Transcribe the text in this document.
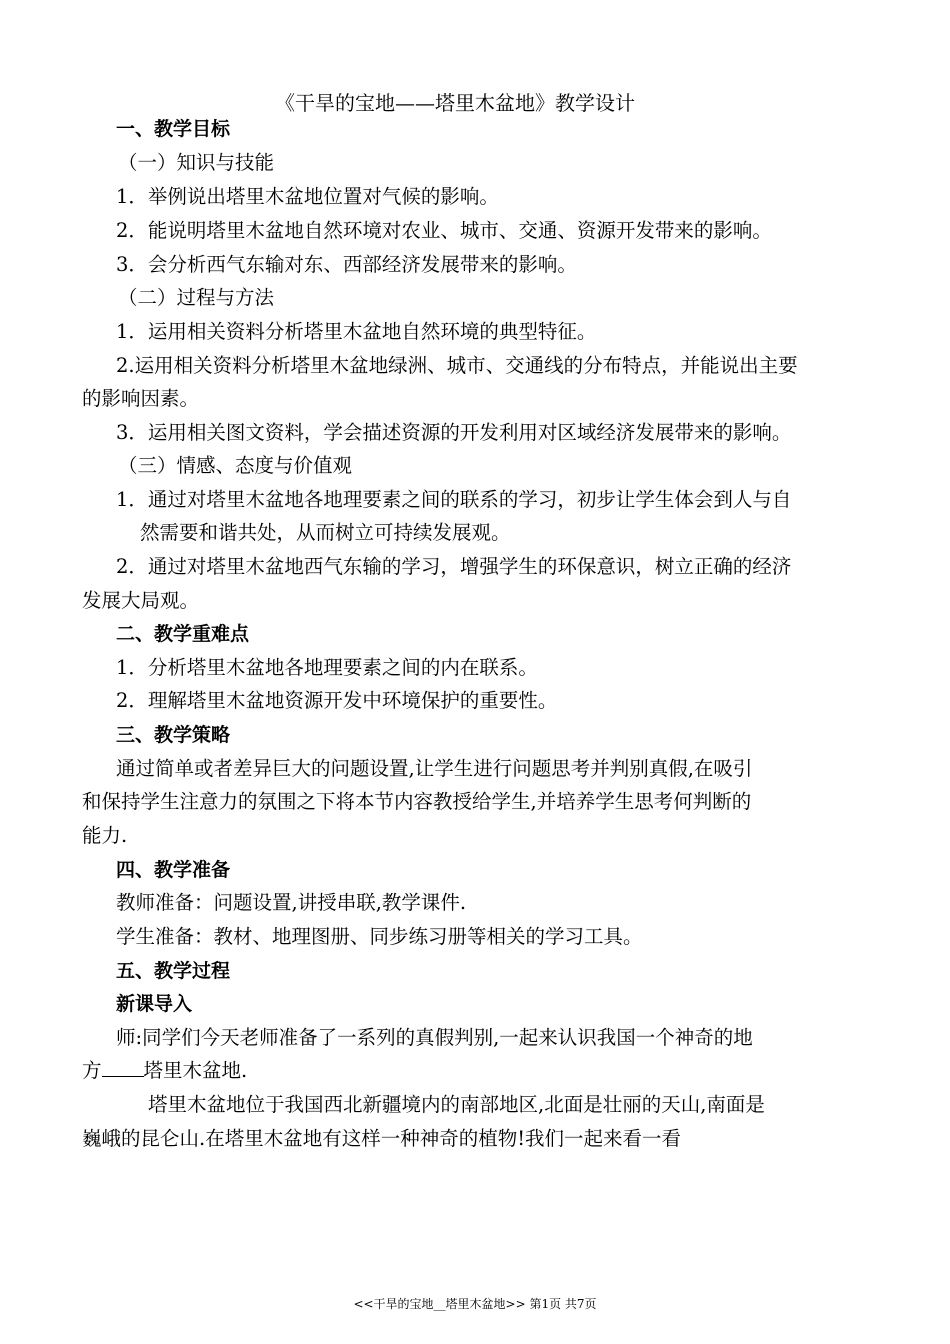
《干旱的宝地——塔里木盆地》教学设计
一、教学目标
（一）知识与技能
1．举例说出塔里木盆地位置对气候的影响。
2．能说明塔里木盆地自然环境对农业、城市、交通、资源开发带来的影响。
3．会分析西气东输对东、西部经济发展带来的影响。
（二）过程与方法
1．运用相关资料分析塔里木盆地自然环境的典型特征。
2.运用相关资料分析塔里木盆地绿洲、城市、交通线的分布特点，并能说出主要
的影响因素。
3．运用相关图文资料，学会描述资源的开发利用对区域经济发展带来的影响。
（三）情感、态度与价值观
1．通过对塔里木盆地各地理要素之间的联系的学习，初步让学生体会到人与自
然需要和谐共处，从而树立可持续发展观。
2．通过对塔里木盆地西气东输的学习，增强学生的环保意识，树立正确的经济
发展大局观。
二、教学重难点
1．分析塔里木盆地各地理要素之间的内在联系。
2．理解塔里木盆地资源开发中环境保护的重要性。
三、教学策略
通过简单或者差异巨大的问题设置,让学生进行问题思考并判别真假,在吸引
和保持学生注意力的氛围之下将本节内容教授给学生,并培养学生思考何判断的
能力.
四、教学准备
教师准备：问题设置,讲授串联,教学课件.
学生准备：教材、地理图册、同步练习册等相关的学习工具。
五、教学过程
新课导入
师:同学们今天老师准备了一系列的真假判别,一起来认识我国一个神奇的地
方 塔里木盆地.
塔里木盆地位于我国西北新疆境内的南部地区,北面是壮丽的天山,南面是
巍峨的昆仑山.在塔里木盆地有这样一种神奇的植物!我们一起来看一看
<<干旱的宝地__塔里木盆地>> 第1页 共7页
